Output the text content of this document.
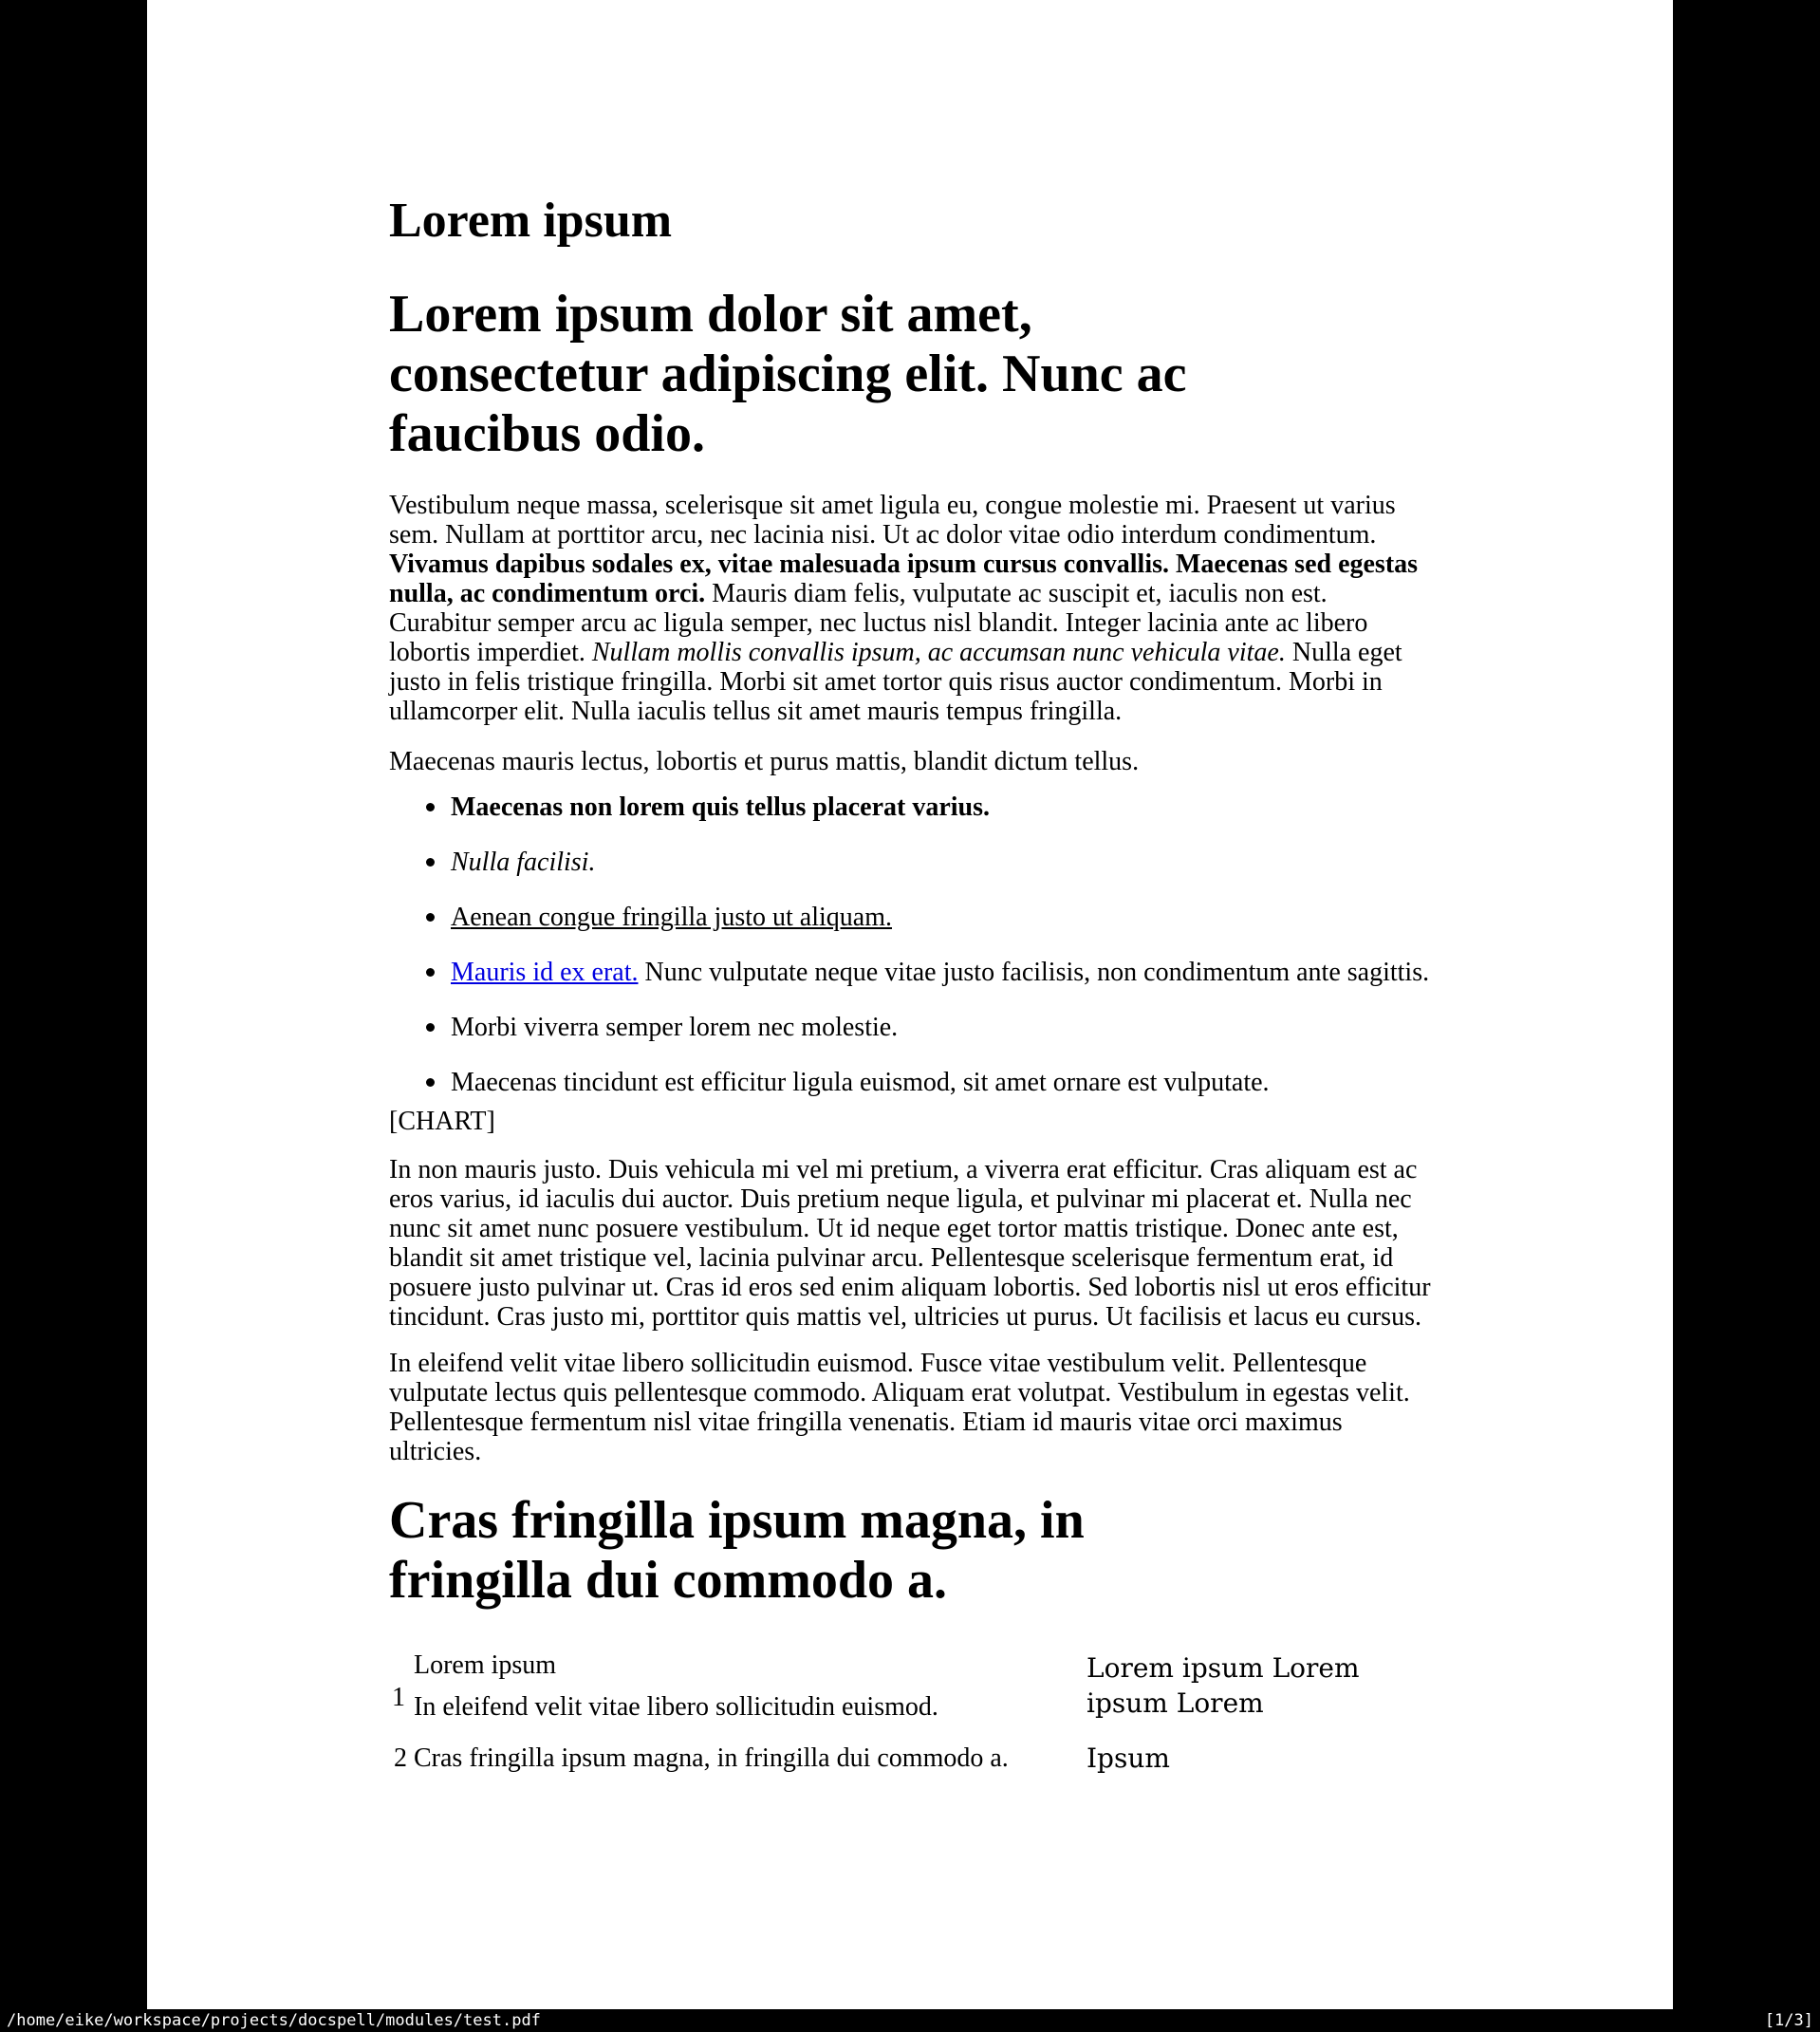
Lorem ipsum
Lorem ipsum dolor sit amet,
consectetur adipiscing elit. Nunc ac
faucibus odio.

Vestibulum neque massa, scelerisque sit amet ligula eu, congue molestie mi. Praesent ut varius sem. Nullam at porttitor arcu, nec lacinia nisi. Ut ac dolor vitae odio interdum condimentum. Vivamus dapibus sodales ex, vitae malesuada ipsum cursus convallis. Maecenas sed egestas nulla, ac condimentum orci. Mauris diam felis, vulputate ac suscipit et, iaculis non est. Curabitur semper arcu ac ligula semper, nec luctus nisl blandit. Integer lacinia ante ac libero lobortis imperdiet. Nullam mollis convallis ipsum, ac accumsan nunc vehicula vitae. Nulla eget justo in felis tristique fringilla. Morbi sit amet tortor quis risus auctor condimentum. Morbi in ullamcorper elit. Nulla iaculis tellus sit amet mauris tempus fringilla.

Maecenas mauris lectus, lobortis et purus mattis, blandit dictum tellus.

Maecenas non lorem quis tellus placerat varius.
Nulla facilisi.
Aenean congue fringilla justo ut aliquam.
Mauris id ex erat. Nunc vulputate neque vitae justo facilisis, non condimentum ante sagittis.
Morbi viverra semper lorem nec molestie.
Maecenas tincidunt est efficitur ligula euismod, sit amet ornare est vulputate.

[CHART]

In non mauris justo. Duis vehicula mi vel mi pretium, a viverra erat efficitur. Cras aliquam est ac eros varius, id iaculis dui auctor. Duis pretium neque ligula, et pulvinar mi placerat et. Nulla nec nunc sit amet nunc posuere vestibulum. Ut id neque eget tortor mattis tristique. Donec ante est, blandit sit amet tristique vel, lacinia pulvinar arcu. Pellentesque scelerisque fermentum erat, id posuere justo pulvinar ut. Cras id eros sed enim aliquam lobortis. Sed lobortis nisl ut eros efficitur tincidunt. Cras justo mi, porttitor quis mattis vel, ultricies ut purus. Ut facilisis et lacus eu cursus.

In eleifend velit vitae libero sollicitudin euismod. Fusce vitae vestibulum velit. Pellentesque vulputate lectus quis pellentesque commodo. Aliquam erat volutpat. Vestibulum in egestas velit. Pellentesque fermentum nisl vitae fringilla venenatis. Etiam id mauris vitae orci maximus ultricies.

Cras fringilla ipsum magna, in
fringilla dui commodo a.
Lorem ipsum
1 In eleifend velit vitae libero sollicitudin euismod.
2 Cras fringilla ipsum magna, in fringilla dui commodo a.
Lorem ipsum Lorem ipsum Lorem
Ipsum
/home/eike/workspace/projects/docspell/modules/test.pdf	[1/3]
